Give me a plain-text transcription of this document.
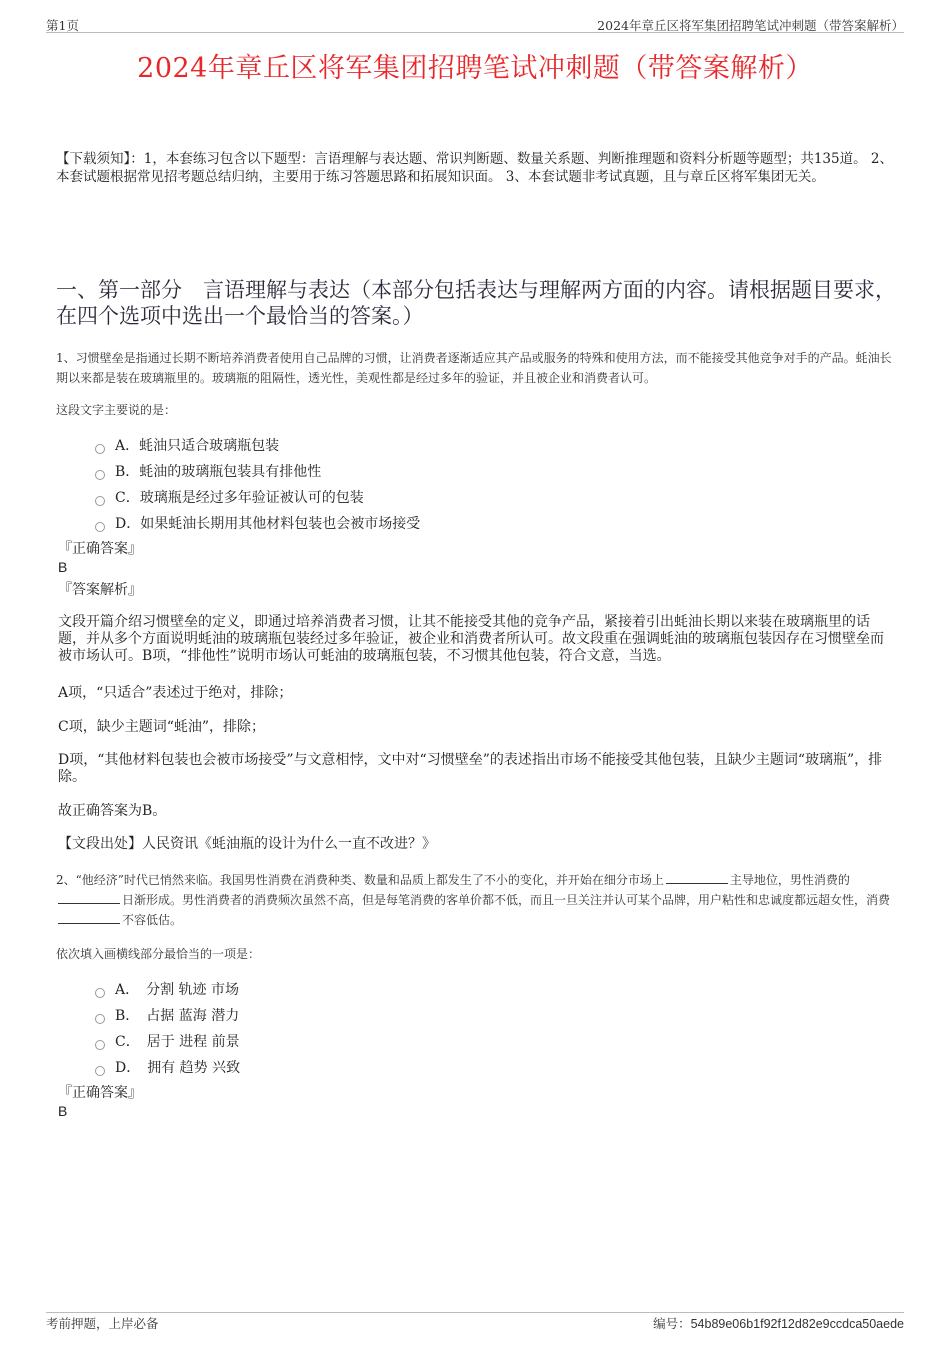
第1页	2024年章丘区将军集团招聘笔试冲刺题（带答案解析）
2024年章丘区将军集团招聘笔试冲刺题（带答案解析）
【下载须知】：1，本套练习包含以下题型：言语理解与表达题、常识判断题、数量关系题、判断推理题和资料分析题等题型；共135道。 2、本套试题根据常见招考题总结归纳，主要用于练习答题思路和拓展知识面。 3、本套试题非考试真题，且与章丘区将军集团无关。
一、第一部分　言语理解与表达（本部分包括表达与理解两方面的内容。请根据题目要求，在四个选项中选出一个最恰当的答案。）
1、习惯壁垒是指通过长期不断培养消费者使用自己品牌的习惯，让消费者逐渐适应其产品或服务的特殊和使用方法，而不能接受其他竞争对手的产品。蚝油长期以来都是装在玻璃瓶里的。玻璃瓶的阻隔性，透光性，美观性都是经过多年的验证，并且被企业和消费者认可。
这段文字主要说的是：
A．蚝油只适合玻璃瓶包装
B．蚝油的玻璃瓶包装具有排他性
C．玻璃瓶是经过多年验证被认可的包装
D．如果蚝油长期用其他材料包装也会被市场接受
『正确答案』
B
『答案解析』
文段开篇介绍习惯壁垒的定义，即通过培养消费者习惯，让其不能接受其他的竞争产品，紧接着引出蚝油长期以来装在玻璃瓶里的话题，并从多个方面说明蚝油的玻璃瓶包装经过多年验证，被企业和消费者所认可。故文段重在强调蚝油的玻璃瓶包装因存在习惯壁垒而被市场认可。B项，“排他性”说明市场认可蚝油的玻璃瓶包装，不习惯其他包装，符合文意，当选。
A项，“只适合”表述过于绝对，排除；
C项，缺少主题词“蚝油”，排除；
D项，“其他材料包装也会被市场接受”与文意相悖，文中对“习惯壁垒”的表述指出市场不能接受其他包装，且缺少主题词“玻璃瓶”，排除。
故正确答案为B。
【文段出处】人民资讯《蚝油瓶的设计为什么一直不改进？》
2、“他经济”时代已悄然来临。我国男性消费在消费种类、数量和品质上都发生了不小的变化，并开始在细分市场上	主导地位，男性消费的日渐形成。男性消费者的消费频次虽然不高，但是每笔消费的客单价都不低，而且一旦关注并认可某个品牌，用户粘性和忠诚度都远超女性，消费不容低估。
依次填入画横线部分最恰当的一项是：
A．　分割 轨迹 市场
B．　占据 蓝海 潜力
C．　居于 进程 前景
D．　拥有 趋势 兴致
『正确答案』
B
考前押题，上岸必备	编号：54b89e06b1f92f12d82e9ccdca50aede
